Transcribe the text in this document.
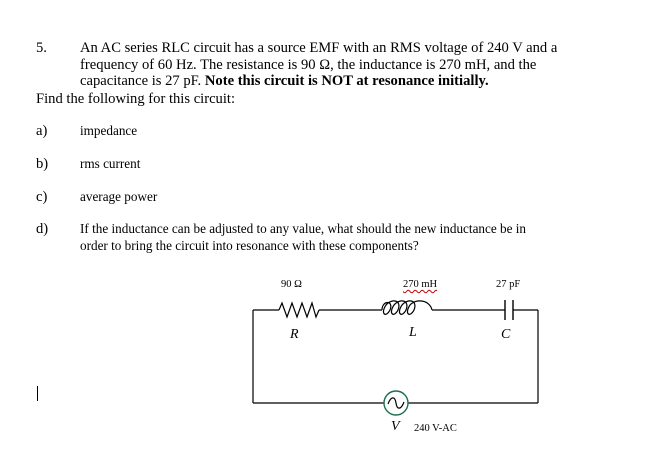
5. An AC series RLC circuit has a source EMF with an RMS voltage of 240 V and a
frequency of 60 Hz. The resistance is 90 Ω, the inductance is 270 mH, and the
capacitance is 27 pF. Note this circuit is NOT at resonance initially.
Find the following for this circuit:
a) impedance
b) rms current
c) average power
d) If the inductance can be adjusted to any value, what should the new inductance be in
order to bring the circuit into resonance with these components?
90 Ω	270 mH	27 pF
R	L	C
V 240 V-AC
